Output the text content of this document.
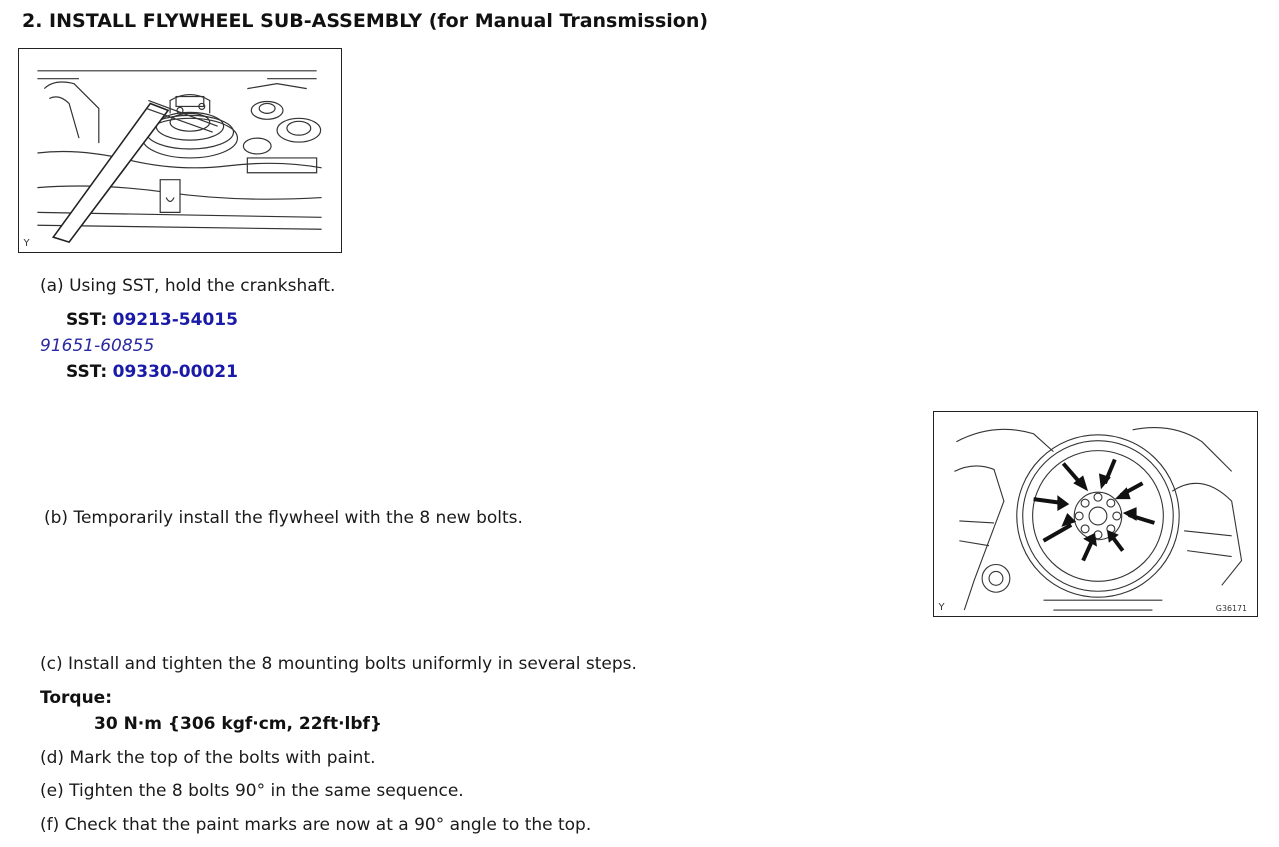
2. INSTALL FLYWHEEL SUB-ASSEMBLY (for Manual Transmission)
Y
(a) Using SST, hold the crankshaft.
SST: 09213-54015
91651-60855
SST: 09330-00021
(b) Temporarily install the flywheel with the 8 new bolts.
Y	G36171
(c) Install and tighten the 8 mounting bolts uniformly in several steps.
Torque:
30 N·m {306 kgf·cm, 22ft·lbf}
(d) Mark the top of the bolts with paint.
(e) Tighten the 8 bolts 90° in the same sequence.
(f) Check that the paint marks are now at a 90° angle to the top.
